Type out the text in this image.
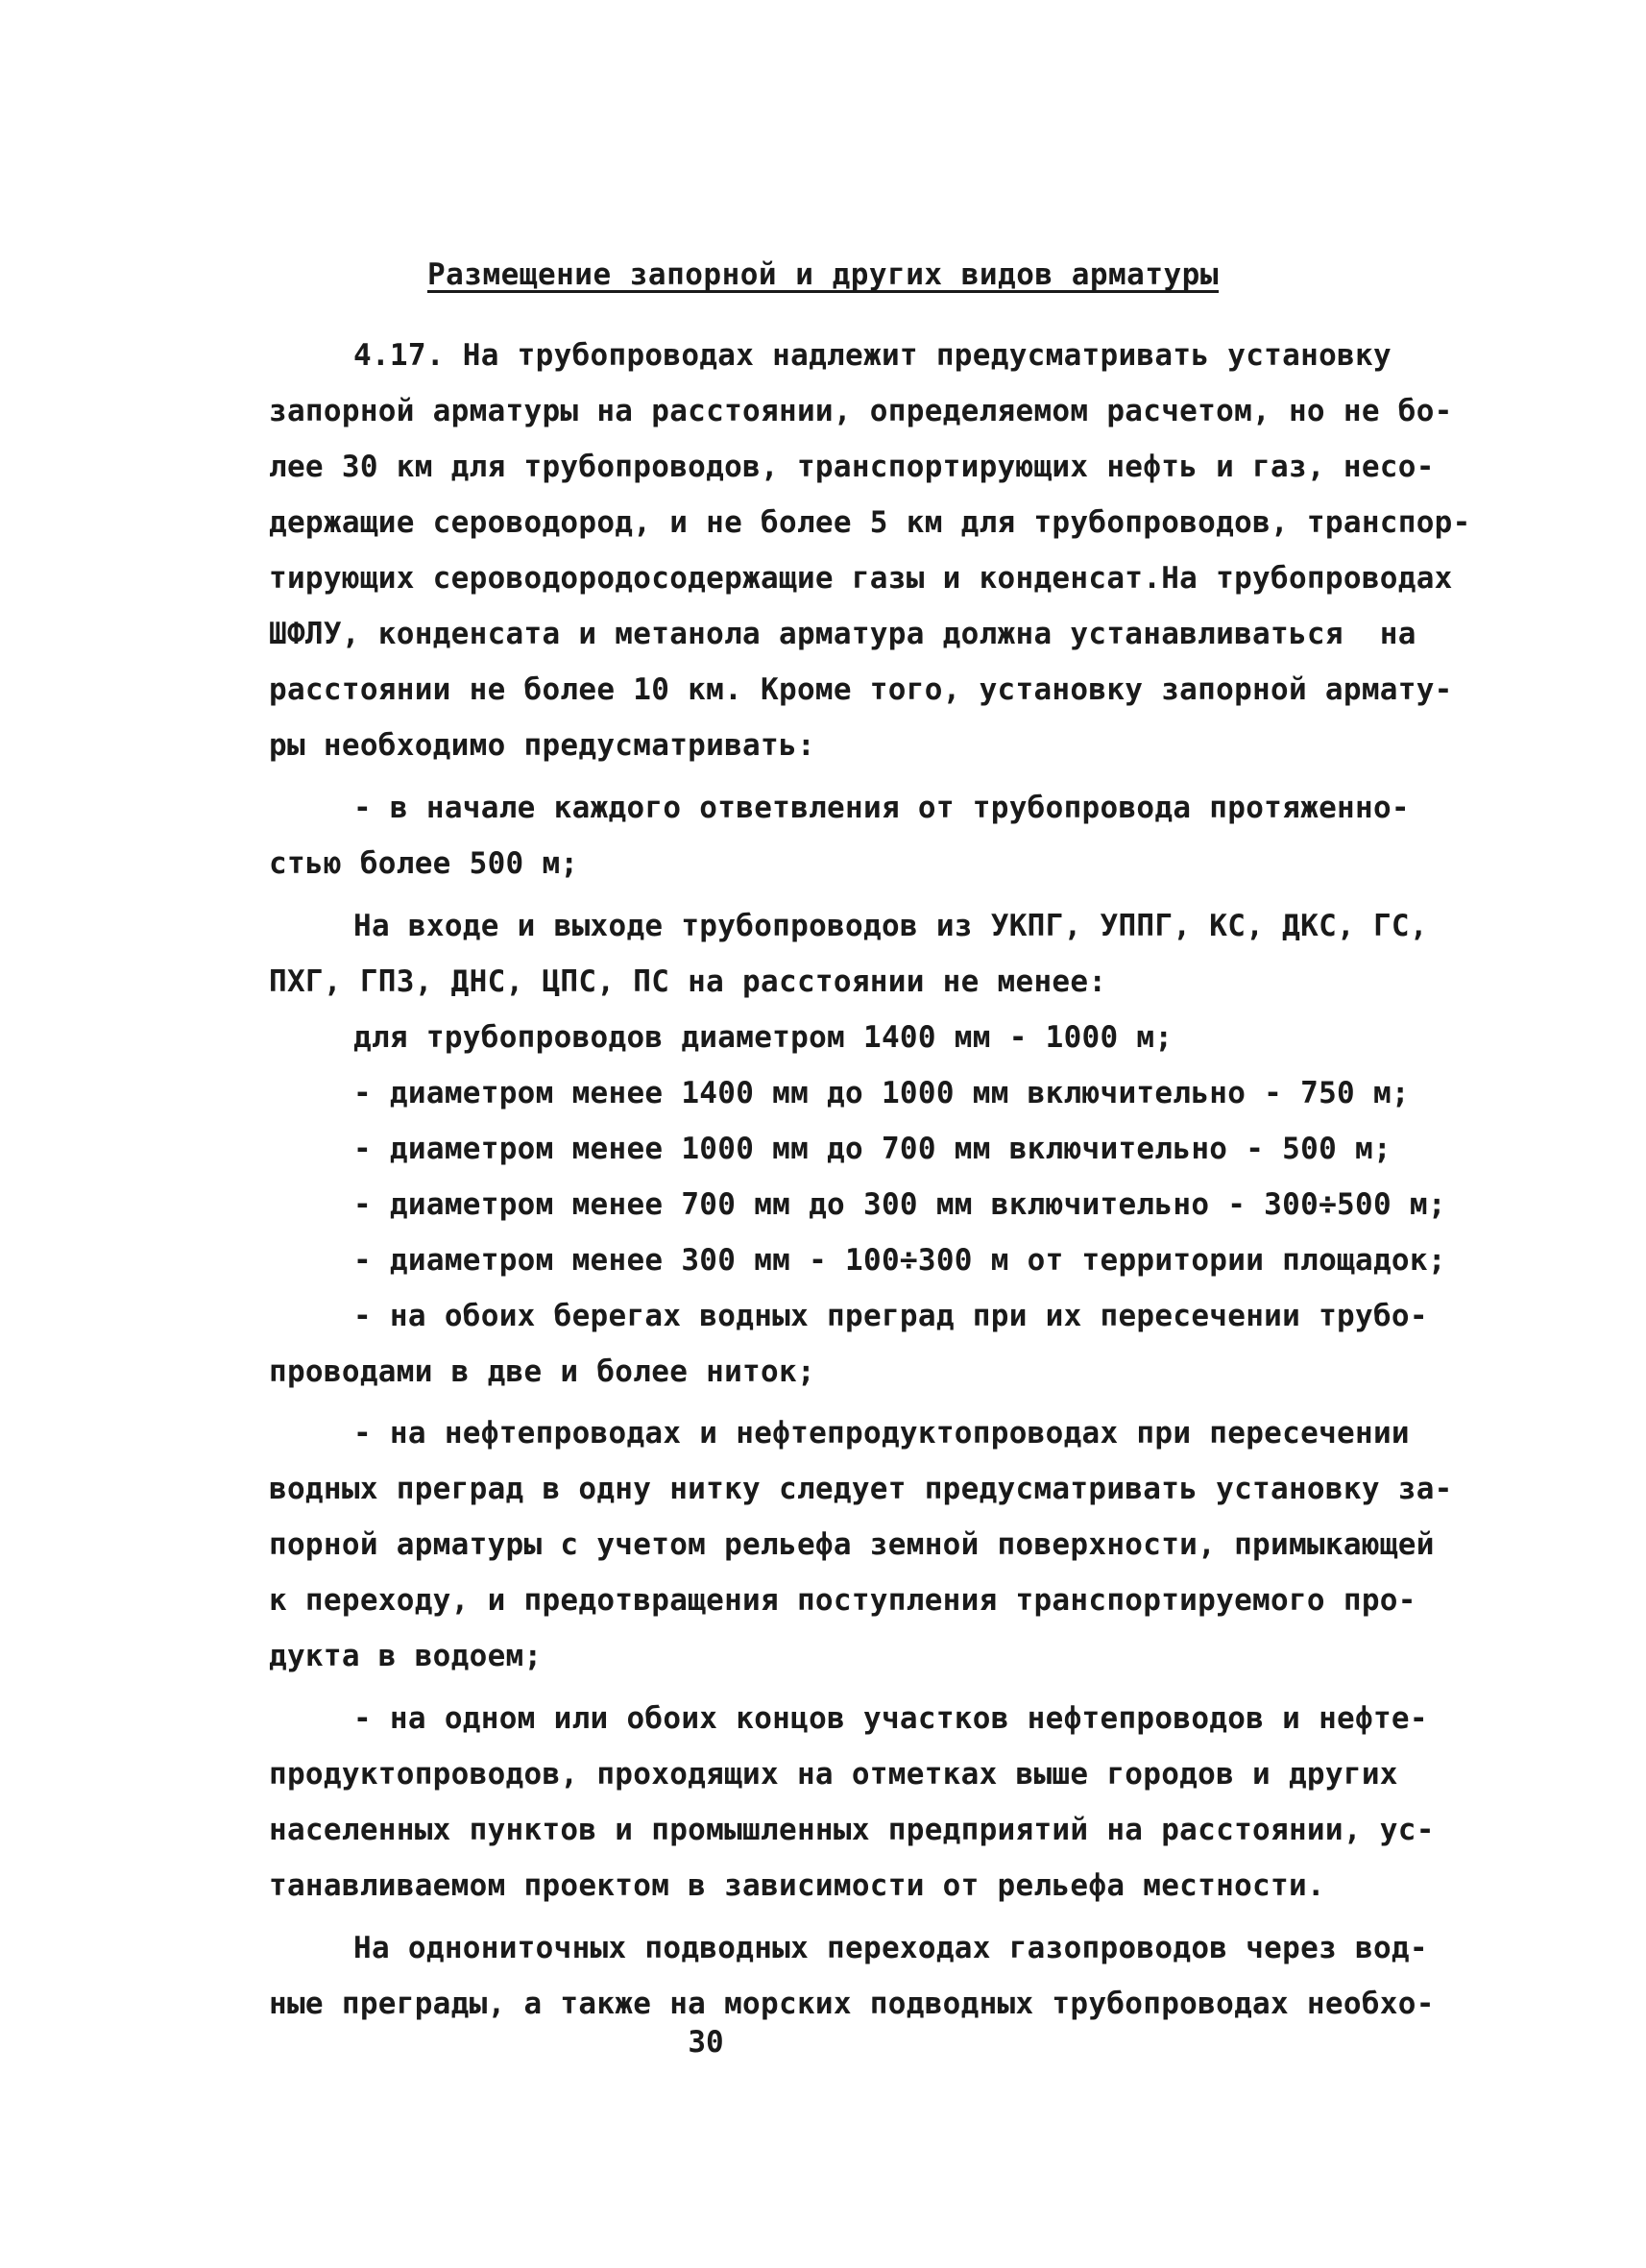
Размещение запорной и других видов арматуры
4.17. На трубопроводах надлежит предусматривать установку
запорной арматуры на расстоянии, определяемом расчетом, но не бо-
лее 30 км для трубопроводов, транспортирующих нефть и газ, несо-
держащие сероводород, и не более 5 км для трубопроводов, транспор-
тирующих сероводородосодержащие газы и конденсат.На трубопроводах
ШФЛУ, конденсата и метанола арматура должна устанавливаться  на
расстоянии не более 10 км. Кроме того, установку запорной армату-
ры необходимо предусматривать:
- в начале каждого ответвления от трубопровода протяженно-
стью более 500 м;
На входе и выходе трубопроводов из УКПГ, УППГ, КС, ДКС, ГС,
ПХГ, ГПЗ, ДНС, ЦПС, ПС на расстоянии не менее:
для трубопроводов диаметром 1400 мм - 1000 м;
- диаметром менее 1400 мм до 1000 мм включительно - 750 м;
- диаметром менее 1000 мм до 700 мм включительно - 500 м;
- диаметром менее 700 мм до 300 мм включительно - 300÷500 м;
- диаметром менее 300 мм - 100÷300 м от территории площадок;
- на обоих берегах водных преград при их пересечении трубо-
проводами в две и более ниток;
- на нефтепроводах и нефтепродуктопроводах при пересечении
водных преград в одну нитку следует предусматривать установку за-
порной арматуры с учетом рельефа земной поверхности, примыкающей
к переходу, и предотвращения поступления транспортируемого про-
дукта в водоем;
- на одном или обоих концов участков нефтепроводов и нефте-
продуктопроводов, проходящих на отметках выше городов и других
населенных пунктов и промышленных предприятий на расстоянии, ус-
танавливаемом проектом в зависимости от рельефа местности.
На однониточных подводных переходах газопроводов через вод-
ные преграды, а также на морских подводных трубопроводах необхо-
30
